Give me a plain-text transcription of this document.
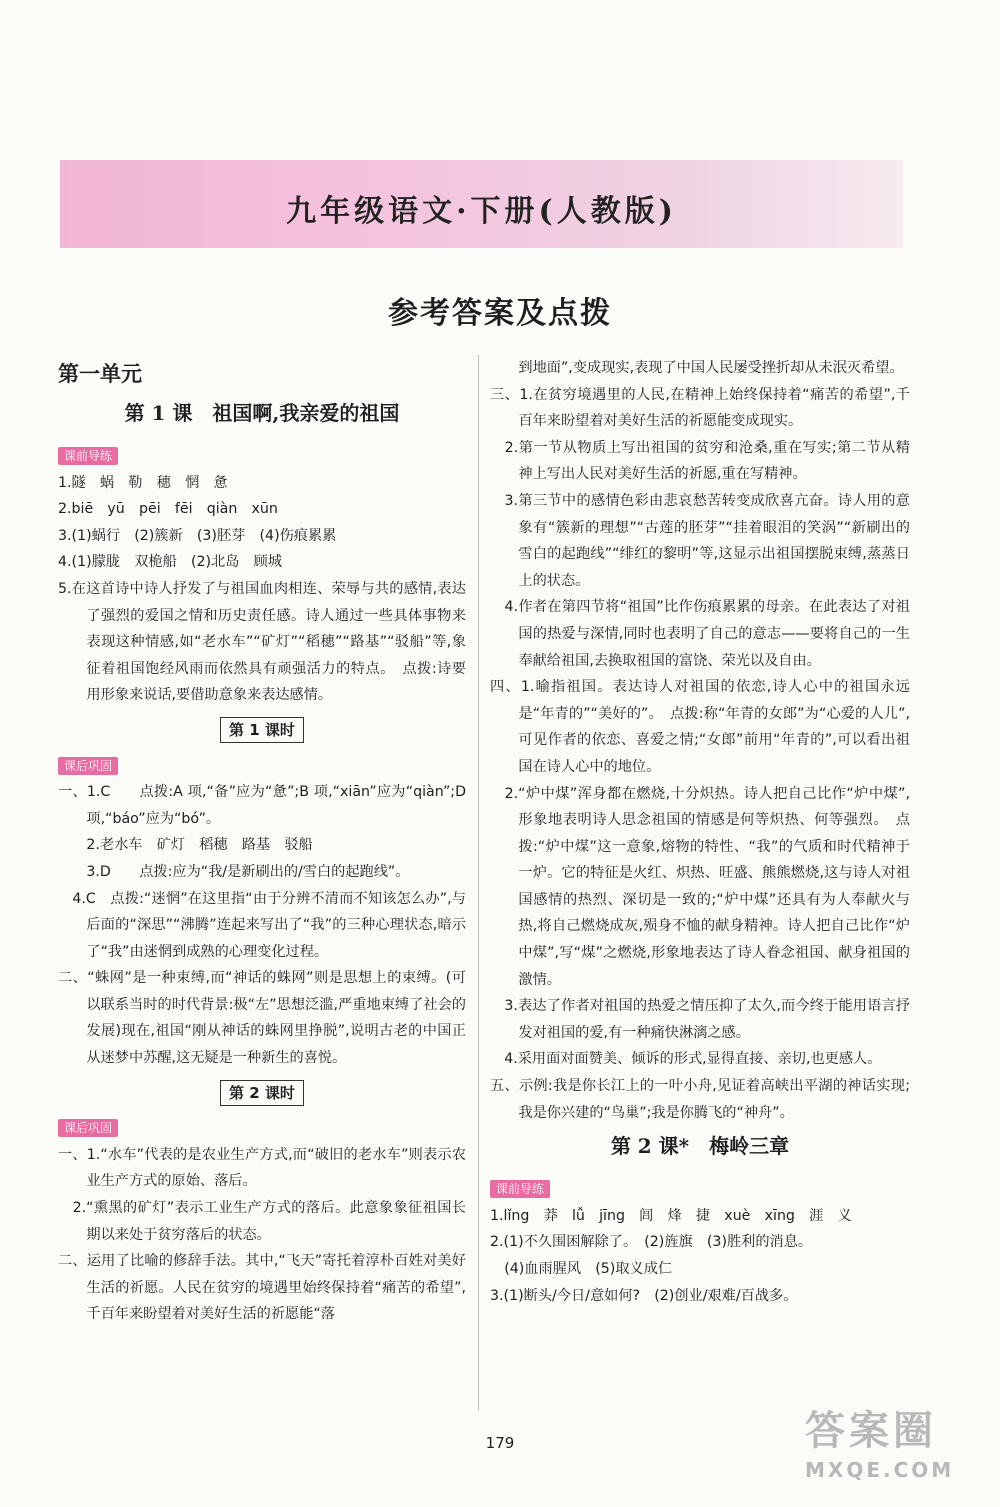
九年级语文·下册(人教版)
参考答案及点拨
第一单元
第 1 课　祖国啊,我亲爱的祖国
课前导练
1.隧　蜗　勒　穗　惘　惫
2.biē　yū　pēi　fēi　qiàn　xūn
3.(1)蜗行　(2)簇新　(3)胚芽　(4)伤痕累累
4.(1)朦胧　双桅船　(2)北岛　顾城
5.在这首诗中诗人抒发了与祖国血肉相连、荣辱与共的感情,表达了强烈的爱国之情和历史责任感。诗人通过一些具体事物来表现这种情感,如“老水车”“矿灯”“稻穗”“路基”“驳船”等,象征着祖国饱经风雨而依然具有顽强活力的特点。　点拨:诗要用形象来说话,要借助意象来表达感情。
第 1 课时
课后巩固
一、1.C　　点拨:A 项,“备”应为“惫”;B 项,“xiān”应为“qiàn”;D 项,“báo”应为“bó”。
2.老水车　矿灯　稻穗　路基　驳船
3.D　　点拨:应为“我/是新刷出的/雪白的起跑线”。
　4.C　点拨:“迷惘”在这里指“由于分辨不清而不知该怎么办”,与后面的“深思”“沸腾”连起来写出了“我”的三种心理状态,暗示了“我”由迷惘到成熟的心理变化过程。
二、“蛛网”是一种束缚,而“神话的蛛网”则是思想上的束缚。(可以联系当时的时代背景:极“左”思想泛滥,严重地束缚了社会的发展)现在,祖国“刚从神话的蛛网里挣脱”,说明古老的中国正从迷梦中苏醒,这无疑是一种新生的喜悦。
第 2 课时
课后巩固
一、1.“水车”代表的是农业生产方式,而“破旧的老水车”则表示农业生产方式的原始、落后。
　2.“熏黑的矿灯”表示工业生产方式的落后。此意象象征祖国长期以来处于贫穷落后的状态。
二、运用了比喻的修辞手法。其中,“飞天”寄托着淳朴百姓对美好生活的祈愿。人民在贫穷的境遇里始终保持着“痛苦的希望”,千百年来盼望着对美好生活的祈愿能“落
到地面”,变成现实,表现了中国人民屡受挫折却从未泯灭希望。
三、1.在贫穷境遇里的人民,在精神上始终保持着“痛苦的希望”,千百年来盼望着对美好生活的祈愿能变成现实。
　2.第一节从物质上写出祖国的贫穷和沧桑,重在写实;第二节从精神上写出人民对美好生活的祈愿,重在写精神。
　3.第三节中的感情色彩由悲哀愁苦转变成欣喜亢奋。诗人用的意象有“簇新的理想”“古莲的胚芽”“挂着眼泪的笑涡”“新刷出的雪白的起跑线”“绯红的黎明”等,这显示出祖国摆脱束缚,蒸蒸日上的状态。
　4.作者在第四节将“祖国”比作伤痕累累的母亲。在此表达了对祖国的热爱与深情,同时也表明了自己的意志——要将自己的一生奉献给祖国,去换取祖国的富饶、荣光以及自由。
四、1.喻指祖国。表达诗人对祖国的依恋,诗人心中的祖国永远是“年青的”“美好的”。　点拨:称“年青的女郎”为“心爱的人儿”,可见作者的依恋、喜爱之情;“女郎”前用“年青的”,可以看出祖国在诗人心中的地位。
　2.“炉中煤”浑身都在燃烧,十分炽热。诗人把自己比作“炉中煤”,形象地表明诗人思念祖国的情感是何等炽热、何等强烈。　点拨:“炉中煤”这一意象,熔物的特性、“我”的气质和时代精神于一炉。它的特征是火红、炽热、旺盛、熊熊燃烧,这与诗人对祖国感情的热烈、深切是一致的;“炉中煤”还具有为人奉献火与热,将自己燃烧成灰,殒身不恤的献身精神。诗人把自己比作“炉中煤”,写“煤”之燃烧,形象地表达了诗人眷念祖国、献身祖国的激情。
　3.表达了作者对祖国的热爱之情压抑了太久,而今终于能用语言抒发对祖国的爱,有一种痛快淋漓之感。
　4.采用面对面赞美、倾诉的形式,显得直接、亲切,也更感人。
五、示例:我是你长江上的一叶小舟,见证着高峡出平湖的神话实现;我是你兴建的“鸟巢”;我是你腾飞的“神舟”。
第 2 课*　梅岭三章
课前导练
1.lǐng　莽　lǚ　jīng　闾　烽　捷　xuè　xīng　涯　义
2.(1)不久围困解除了。　(2)旌旗　(3)胜利的消息。
(4)血雨腥风　(5)取义成仁
3.(1)断头/今日/意如何?　(2)创业/艰难/百战多。
179	答案圈
MXQE.COM
